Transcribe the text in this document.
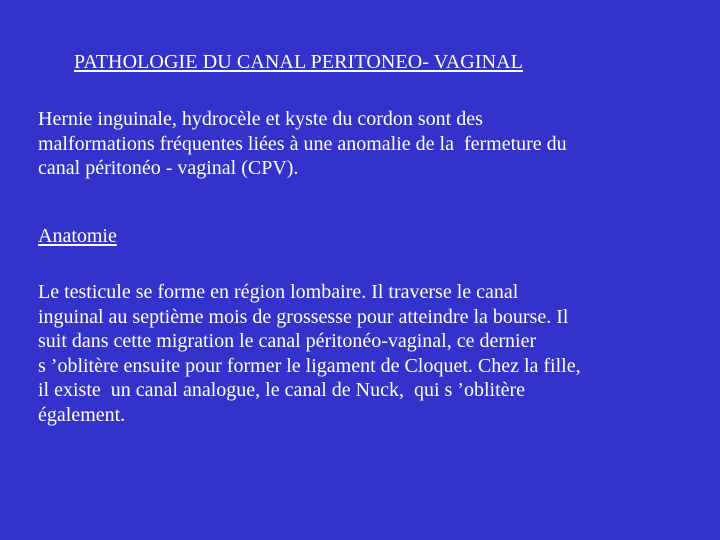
PATHOLOGIE DU CANAL PERITONEO- VAGINAL
Hernie inguinale, hydrocèle et kyste du cordon sont des
malformations fréquentes liées à une anomalie de la  fermeture du
canal péritonéo - vaginal (CPV).
Anatomie
Le testicule se forme en région lombaire. Il traverse le canal
inguinal au septième mois de grossesse pour atteindre la bourse. Il
suit dans cette migration le canal péritonéo-vaginal, ce dernier
s ’oblitère ensuite pour former le ligament de Cloquet. Chez la fille,
il existe  un canal analogue, le canal de Nuck,  qui s ’oblitère
également.
